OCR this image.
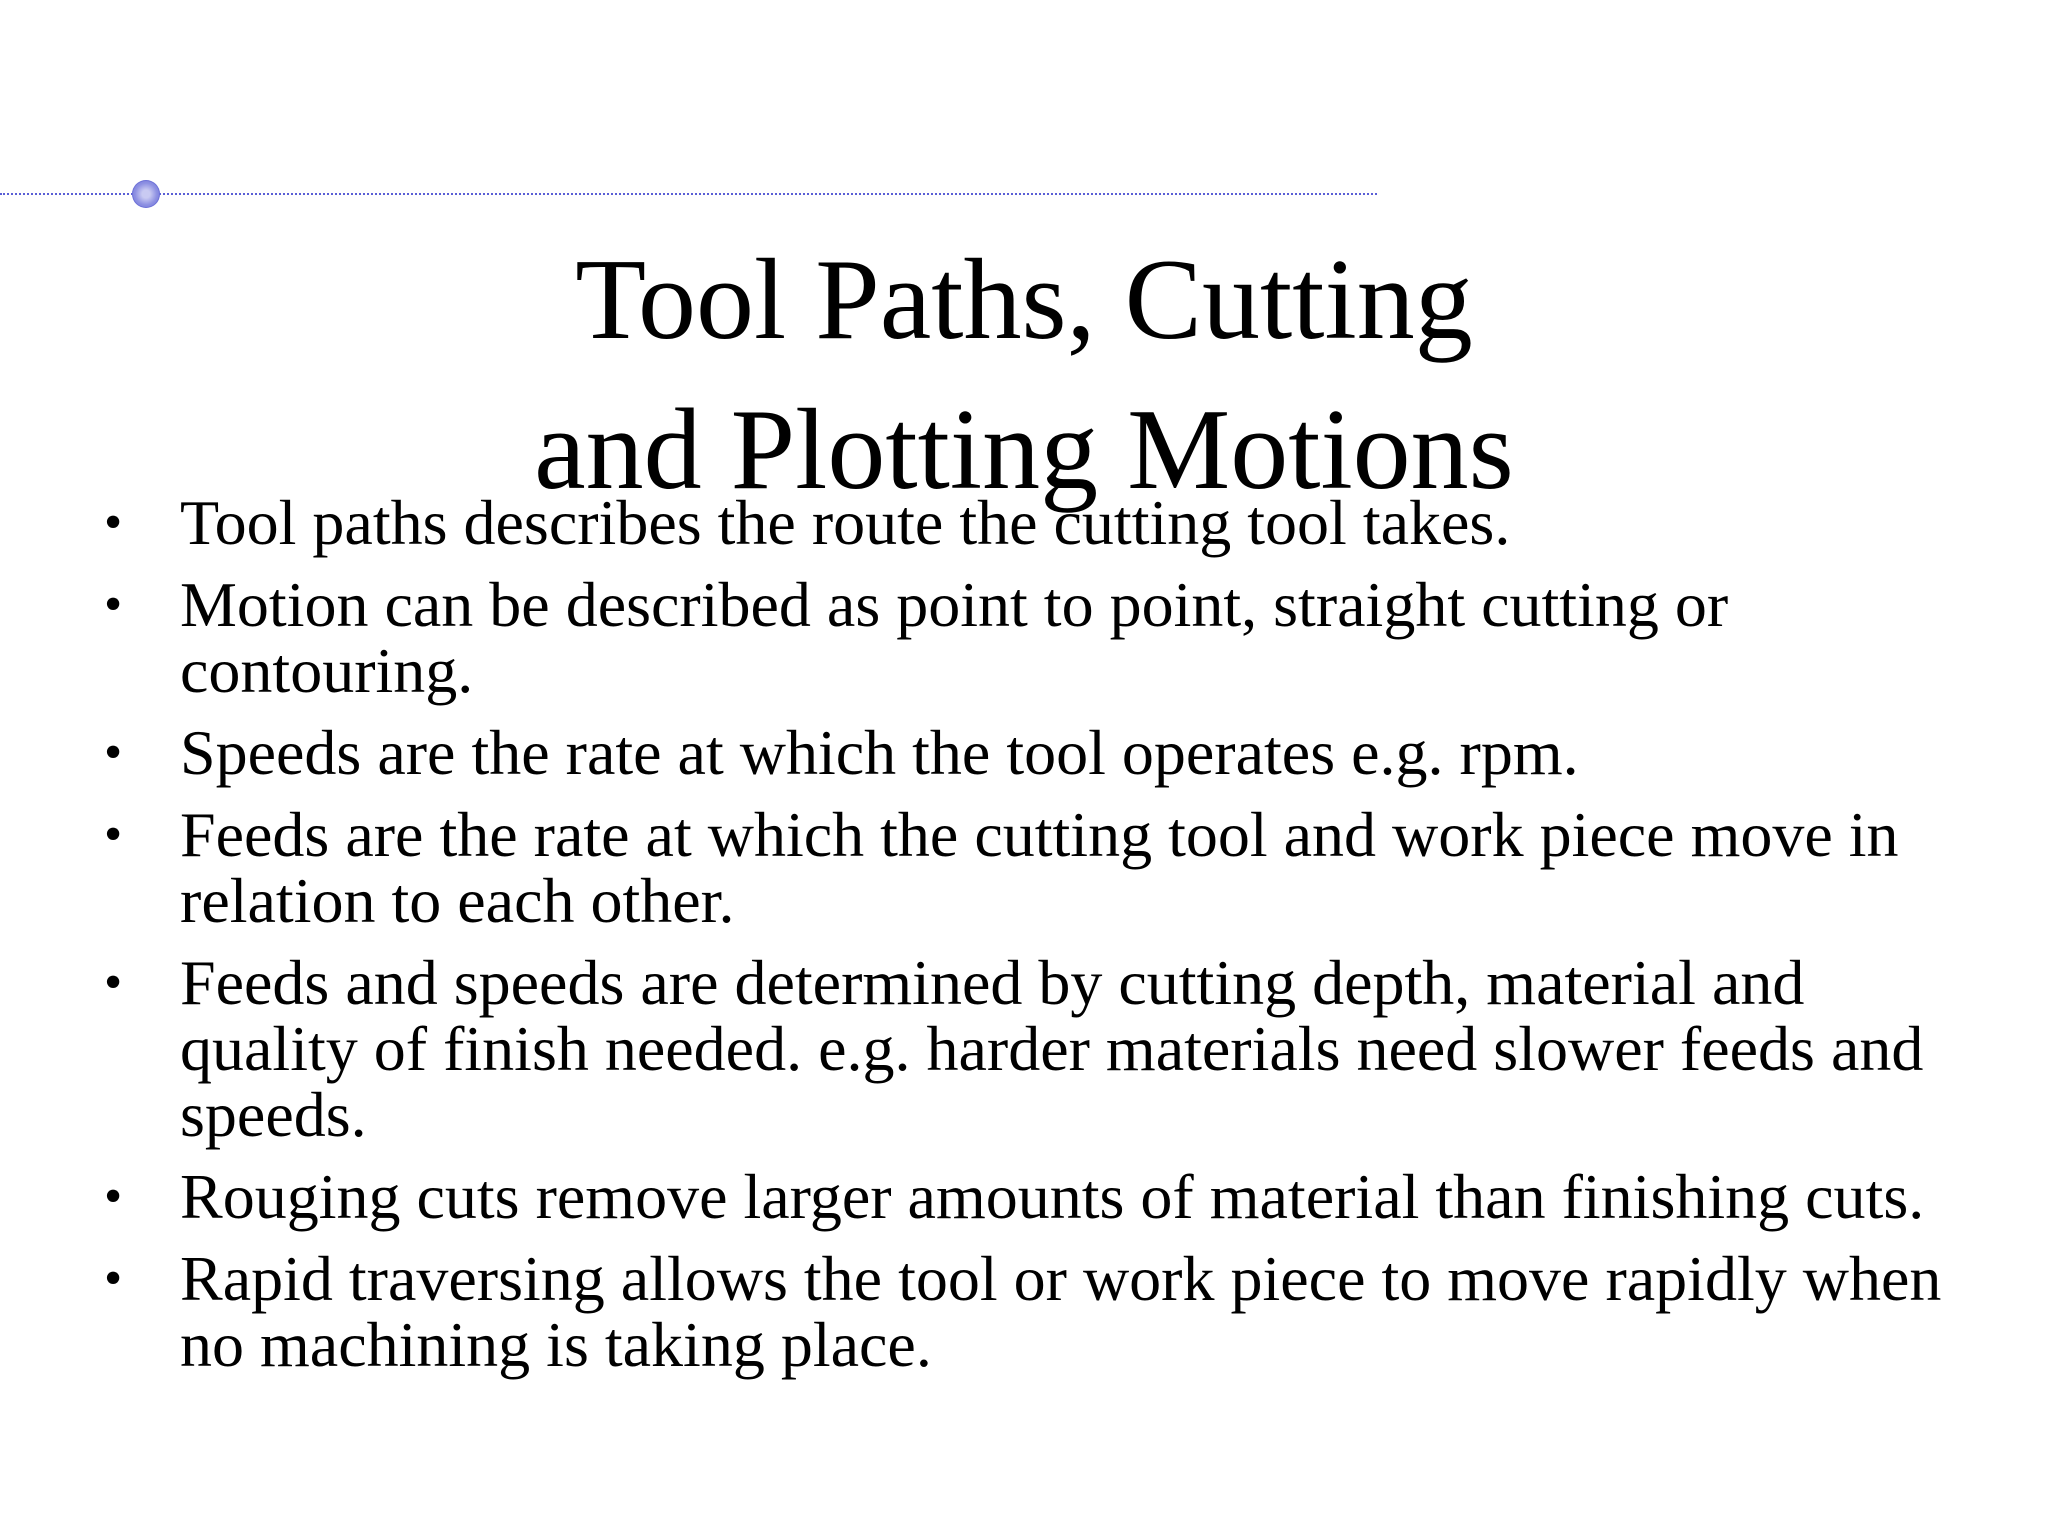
Tool Paths, Cutting
and Plotting Motions
• Tool paths describes the route the cutting tool takes.
• Motion can be described as point to point, straight cutting or contouring.
• Speeds are the rate at which the tool operates e.g. rpm.
• Feeds are the rate at which the cutting tool and work piece move in relation to each other.
• Feeds and speeds are determined by cutting depth, material and quality of finish needed. e.g. harder materials need slower feeds and speeds.
• Rouging cuts remove larger amounts of material than finishing cuts.
• Rapid traversing allows the tool or work piece to move rapidly when no machining is taking place.
